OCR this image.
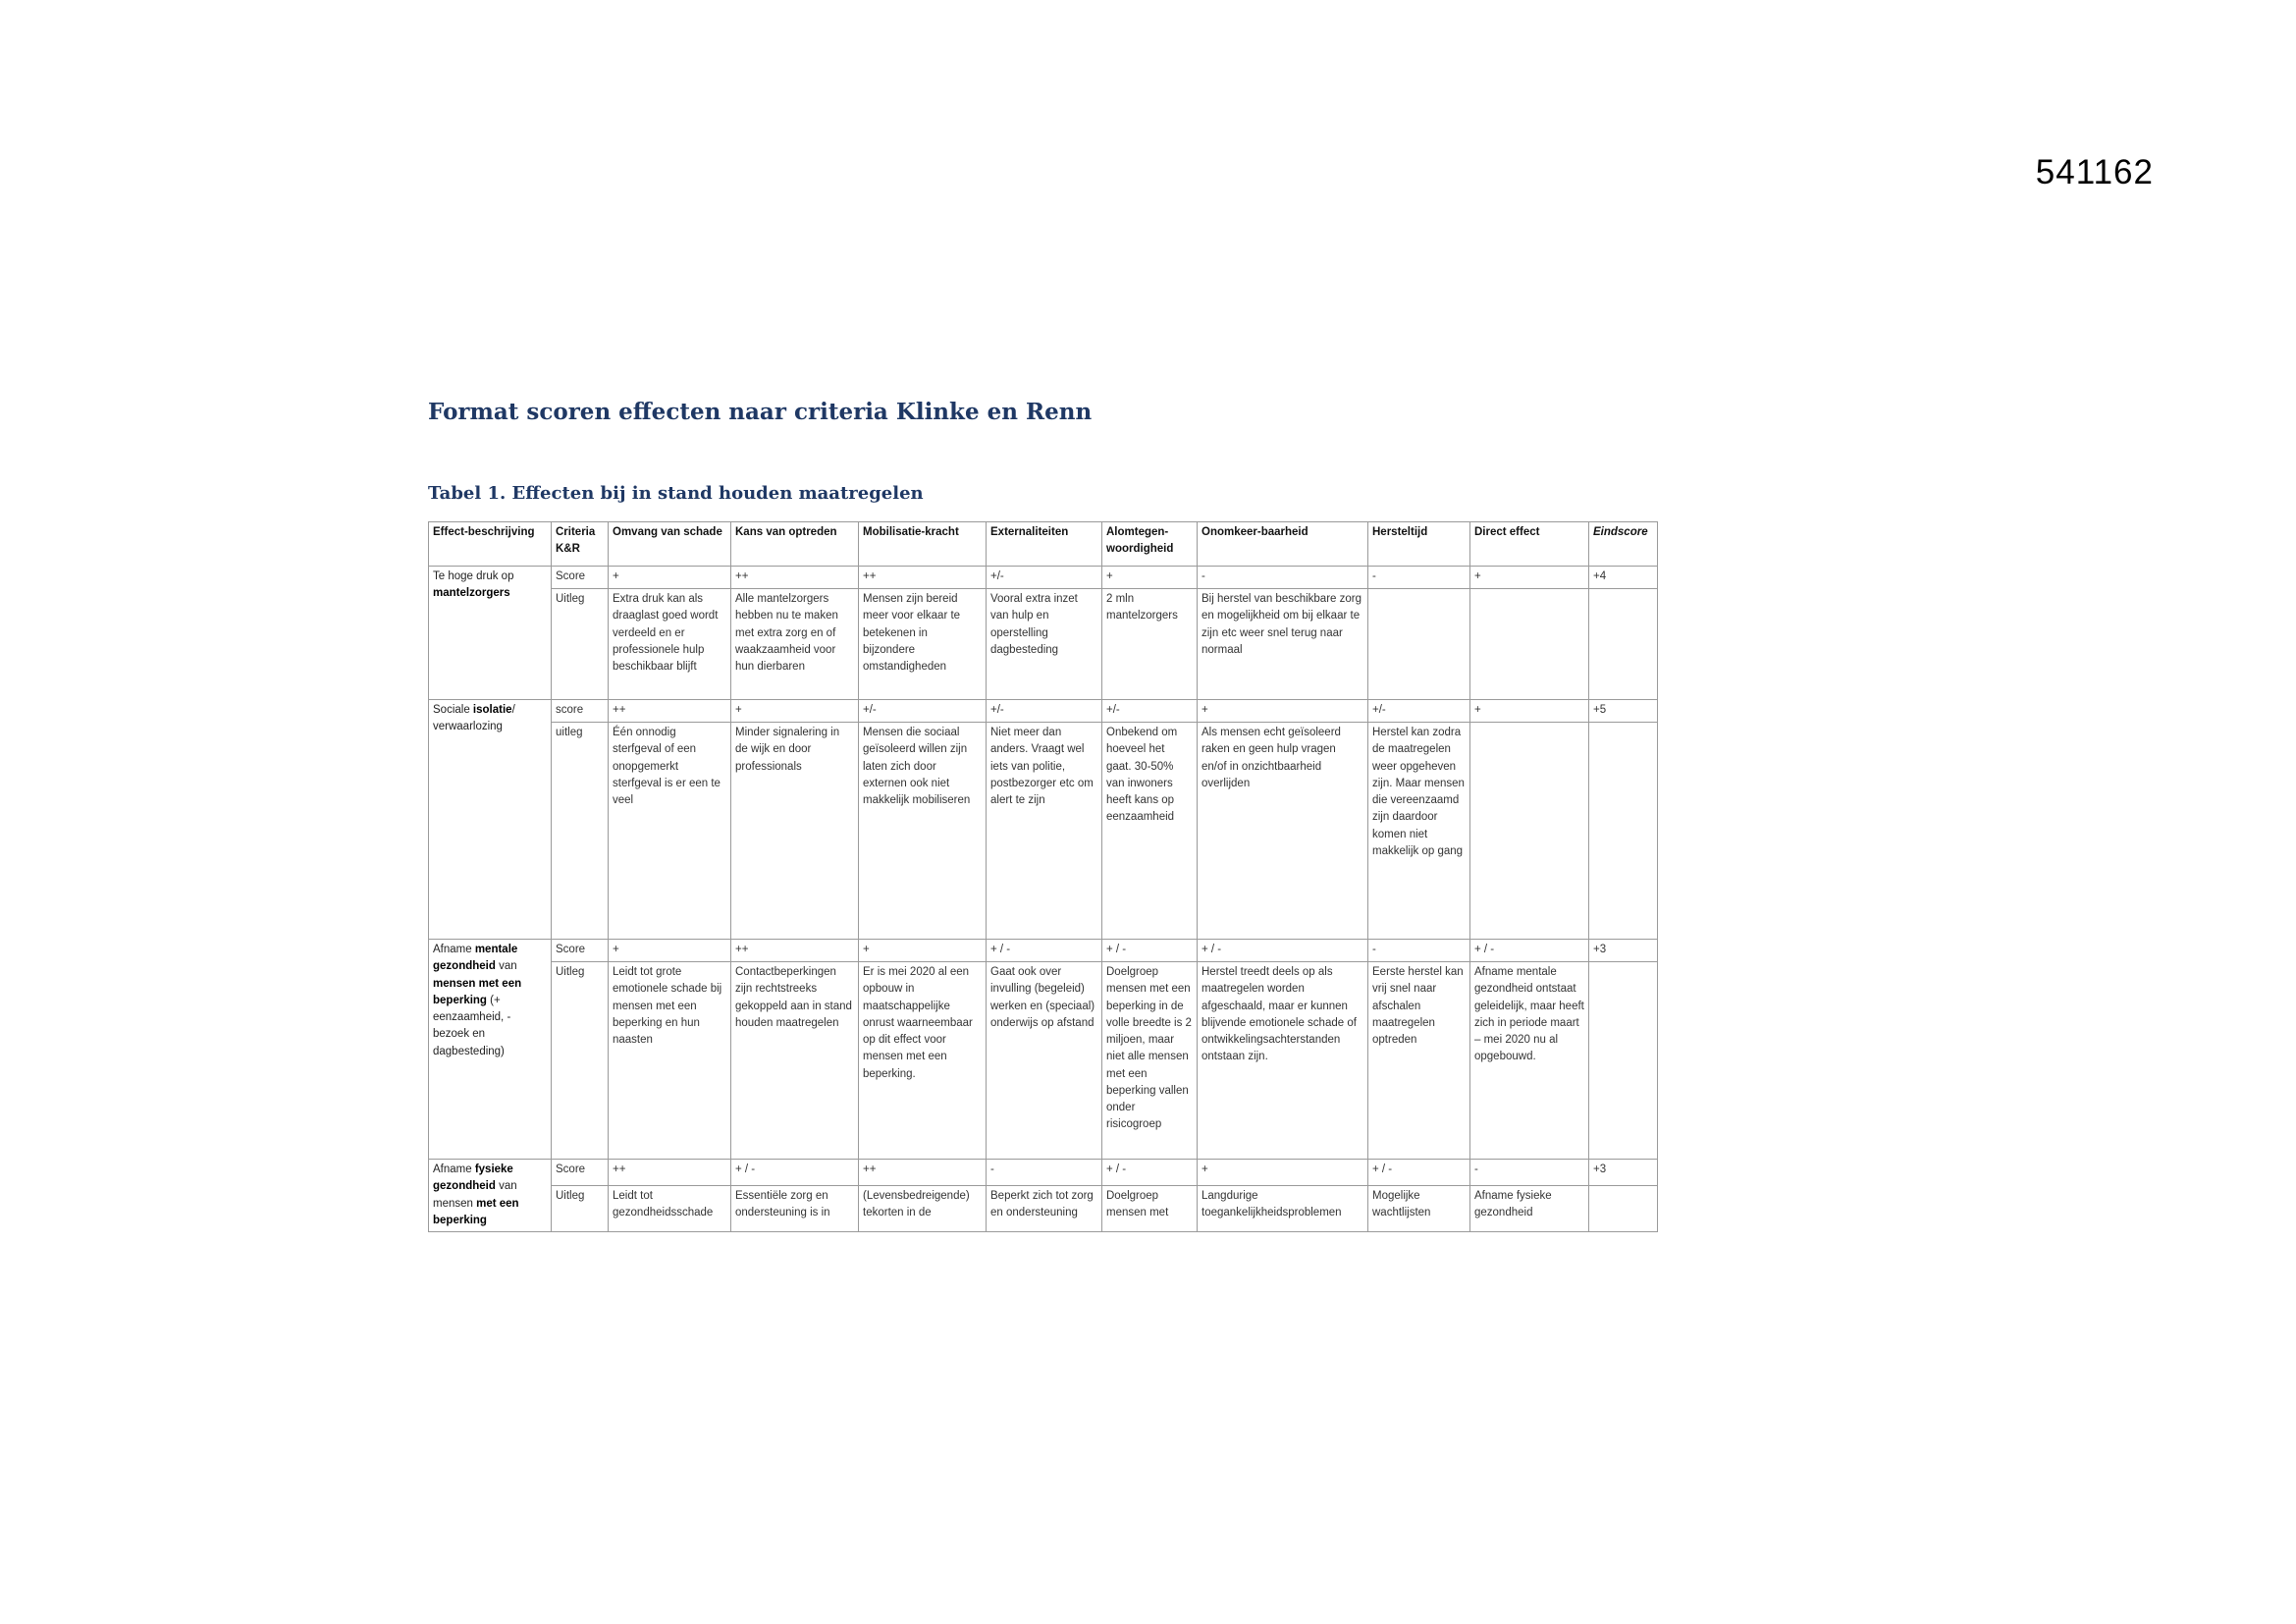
541162
Format scoren effecten naar criteria Klinke en Renn
Tabel 1. Effecten bij in stand houden maatregelen
Effect-beschrijving	Criteria K&R	Omvang van schade	Kans van optreden	Mobilisatie-kracht	Externaliteiten	Alomtegen-woordigheid	Onomkeer-baarheid	Hersteltijd	Direct effect	Eindscore
Te hoge druk op mantelzorgers	Score	+	++	++	+/-	+	-	-	+	+4
	Uitleg	Extra druk kan als draaglast goed wordt verdeeld en er professionele hulp beschikbaar blijft	Alle mantelzorgers hebben nu te maken met extra zorg en of waakzaamheid voor hun dierbaren	Mensen zijn bereid meer voor elkaar te betekenen in bijzondere omstandigheden	Vooral extra inzet van hulp en operstelling dagbesteding	2 mln mantelzorgers	Bij herstel van beschikbare zorg en mogelijkheid om bij elkaar te zijn etc weer snel terug naar normaal			
Sociale isolatie/ verwaarlozing	score	++	+	+/-	+/-	+/-	+	+/-	+	+5
	uitleg	Één onnodig sterfgeval of een onopgemerkt sterfgeval is er een te veel	Minder signalering in de wijk en door professionals	Mensen die sociaal geïsoleerd willen zijn laten zich door externen ook niet makkelijk mobiliseren	Niet meer dan anders. Vraagt wel iets van politie, postbezorger etc om alert te zijn	Onbekend om hoeveel het gaat. 30-50% van inwoners heeft kans op eenzaamheid	Als mensen echt geïsoleerd raken en geen hulp vragen en/of in onzichtbaarheid overlijden	Herstel kan zodra de maatregelen weer opgeheven zijn. Maar mensen die vereenzaamd zijn daardoor komen niet makkelijk op gang		
Afname mentale gezondheid van mensen met een beperking (+ eenzaamheid, - bezoek en dagbesteding)	Score	+	++	+	+ / -	+ / -	+ / -	-	+ / -	+3
	Uitleg	Leidt tot grote emotionele schade bij mensen met een beperking en hun naasten	Contactbeperkingen zijn rechtstreeks gekoppeld aan in stand houden maatregelen	Er is mei 2020 al een opbouw in maatschappelijke onrust waarneembaar op dit effect voor mensen met een beperking.	Gaat ook over invulling (begeleid) werken en (speciaal) onderwijs op afstand	Doelgroep mensen met een beperking in de volle breedte is 2 miljoen, maar niet alle mensen met een beperking vallen onder risicogroep	Herstel treedt deels op als maatregelen worden afgeschaald, maar er kunnen blijvende emotionele schade of ontwikkelingsachterstanden ontstaan zijn.	Eerste herstel kan vrij snel naar afschalen maatregelen optreden	Afname mentale gezondheid ontstaat geleidelijk, maar heeft zich in periode maart – mei 2020 nu al opgebouwd.	
Afname fysieke gezondheid van mensen met een beperking	Score	++	+ / -	++	-	+ / -	+	+ / -	-	+3
	Uitleg	Leidt tot gezondheidsschade	Essentiële zorg en ondersteuning is in	(Levensbedreigende) tekorten in de	Beperkt zich tot zorg en ondersteuning	Doelgroep mensen met	Langdurige toegankelijkheidsproblemen	Mogelijke wachtlijsten	Afname fysieke gezondheid	
